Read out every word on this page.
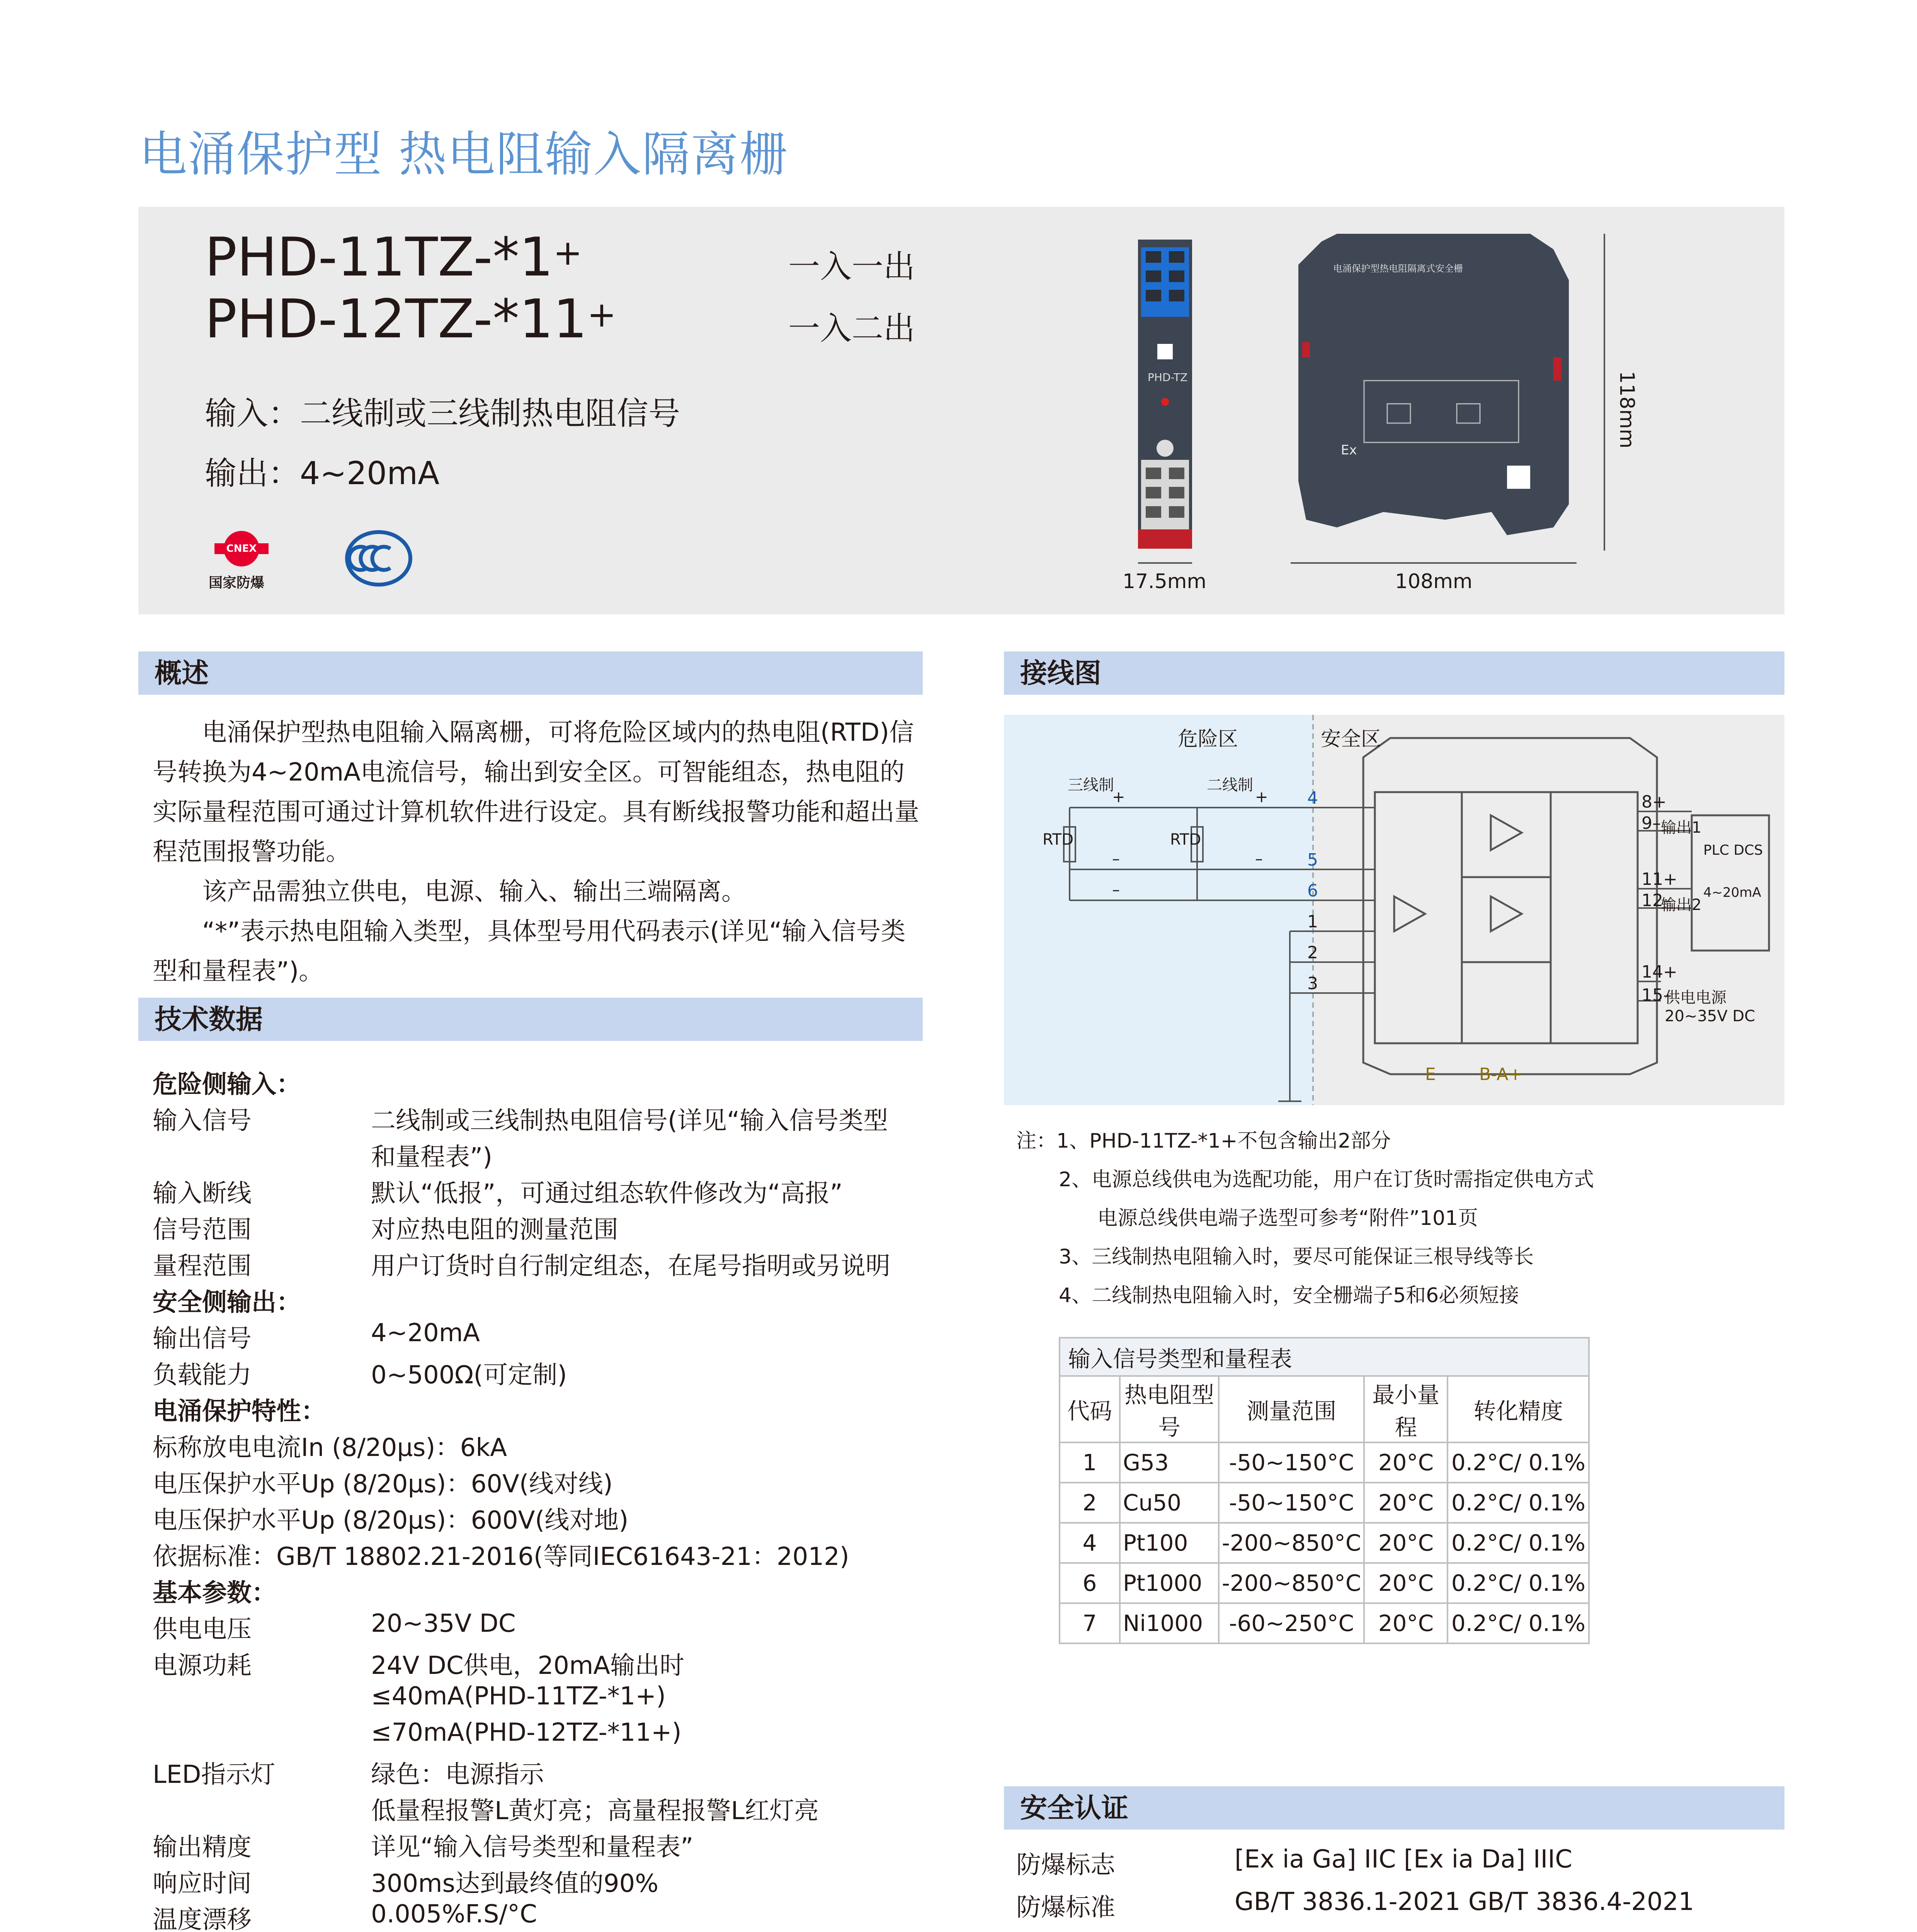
电涌保护型 热电阻输入隔离栅
PHD-11TZ-*1+	一入一出
PHD-12TZ-*11+	一入二出
输入：二线制或三线制热电阻信号
输出：4~20mA
CNEX
国家防爆
PHD-TZ
电涌保护型热电阻隔离式安全栅
Ex
118mm
17.5mm	108mm
概述
电涌保护型热电阻输入隔离栅，可将危险区域内的热电阻(RTD)信号转换为4~20mA电流信号，输出到安全区。可智能组态，热电阻的实际量程范围可通过计算机软件进行设定。具有断线报警功能和超出量程范围报警功能。
该产品需独立供电，电源、输入、输出三端隔离。
“*”表示热电阻输入类型，具体型号用代码表示(详见“输入信号类型和量程表”)。
技术数据
危险侧输入：
输入信号	二线制或三线制热电阻信号(详见“输入信号类型
和量程表”)
输入断线	默认“低报”，可通过组态软件修改为“高报”
信号范围	对应热电阻的测量范围
量程范围	用户订货时自行制定组态，在尾号指明或另说明
安全侧输出：
输出信号	4~20mA
负载能力	0~500Ω(可定制)
电涌保护特性：
标称放电电流In (8/20μs)：6kA
电压保护水平Up (8/20μs)：60V(线对线)
电压保护水平Up (8/20μs)：600V(线对地)
依据标准：GB/T 18802.21-2016(等同IEC61643-21：2012)
基本参数：
供电电压	20~35V DC
电源功耗	24V DC供电，20mA输出时
≤40mA(PHD-11TZ-*1+)
≤70mA(PHD-12TZ-*11+)
LED指示灯	绿色：电源指示
低量程报警L黄灯亮；高量程报警L红灯亮
输出精度	详见“输入信号类型和量程表”
响应时间	300ms达到最终值的90%
温度漂移	0.005%F.S/°C
接线图
危险区	安全区
三线制	二线制
RTD	RTD
+	+
–
–
–
4
5
6
1
2
3
8+
9–
11+
12–
14+
15–
输出1
输出2
PLC DCS
4~20mA
供电电源20~35V DC
E	B-A+
注：1、PHD-11TZ-*1+不包含输出2部分
2、电源总线供电为选配功能，用户在订货时需指定供电方式
电源总线供电端子选型可参考“附件”101页
3、三线制热电阻输入时，要尽可能保证三根导线等长
4、二线制热电阻输入时，安全栅端子5和6必须短接
输入信号类型和量程表				
代码	热电阻型号	测量范围	最小量程	转化精度
1	G53	-50~150°C	20°C	0.2°C/ 0.1%
2	Cu50	-50~150°C	20°C	0.2°C/ 0.1%
4	Pt100	-200~850°C	20°C	0.2°C/ 0.1%
6	Pt1000	-200~850°C	20°C	0.2°C/ 0.1%
7	Ni1000	-60~250°C	20°C	0.2°C/ 0.1%
安全认证
防爆标志	[Ex ia Ga] IIC [Ex ia Da] IIIC
防爆标准	GB/T 3836.1-2021 GB/T 3836.4-2021
